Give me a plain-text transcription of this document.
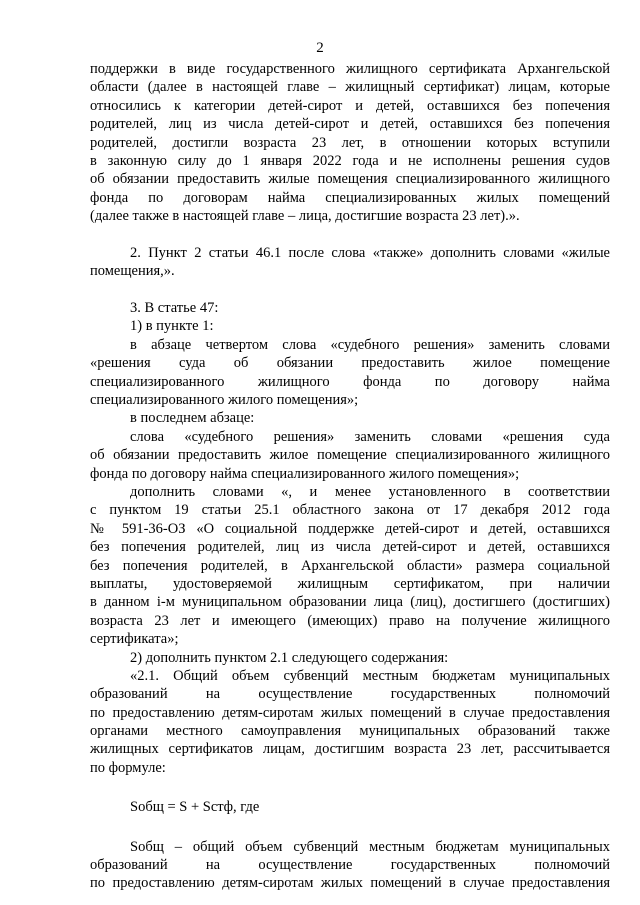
2
поддержки в виде государственного жилищного сертификата Архангельской
области (далее в настоящей главе – жилищный сертификат) лицам, которые
относились к категории детей-сирот и детей, оставшихся без попечения
родителей, лиц из числа детей-сирот и детей, оставшихся без попечения
родителей, достигли возраста 23 лет, в отношении которых вступили
в законную силу до 1 января 2022 года и не исполнены решения судов
об обязании предоставить жилые помещения специализированного жилищного
фонда по договорам найма специализированных жилых помещений
(далее также в настоящей главе – лица, достигшие возраста 23 лет).».
2. Пункт 2 статьи 46.1 после слова «также» дополнить словами «жилые
помещения,».
3. В статье 47:
1) в пункте 1:
в абзаце четвертом слова «судебного решения» заменить словами
«решения суда об обязании предоставить жилое помещение
специализированного жилищного фонда по договору найма
специализированного жилого помещения»;
в последнем абзаце:
слова «судебного решения» заменить словами «решения суда
об обязании предоставить жилое помещение специализированного жилищного
фонда по договору найма специализированного жилого помещения»;
дополнить словами «, и менее установленного в соответствии
с пунктом 19 статьи 25.1 областного закона от 17 декабря 2012 года
№ 591-36-ОЗ «О социальной поддержке детей-сирот и детей, оставшихся
без попечения родителей, лиц из числа детей-сирот и детей, оставшихся
без попечения родителей, в Архангельской области» размера социальной
выплаты, удостоверяемой жилищным сертификатом, при наличии
в данном i-м муниципальном образовании лица (лиц), достигшего (достигших)
возраста 23 лет и имеющего (имеющих) право на получение жилищного
сертификата»;
2) дополнить пунктом 2.1 следующего содержания:
«2.1. Общий объем субвенций местным бюджетам муниципальных
образований на осуществление государственных полномочий
по предоставлению детям-сиротам жилых помещений в случае предоставления
органами местного самоуправления муниципальных образований также
жилищных сертификатов лицам, достигшим возраста 23 лет, рассчитывается
по формуле:
Sобщ = S + Sстф, где
Sобщ – общий объем субвенций местным бюджетам муниципальных
образований на осуществление государственных полномочий
по предоставлению детям-сиротам жилых помещений в случае предоставления
